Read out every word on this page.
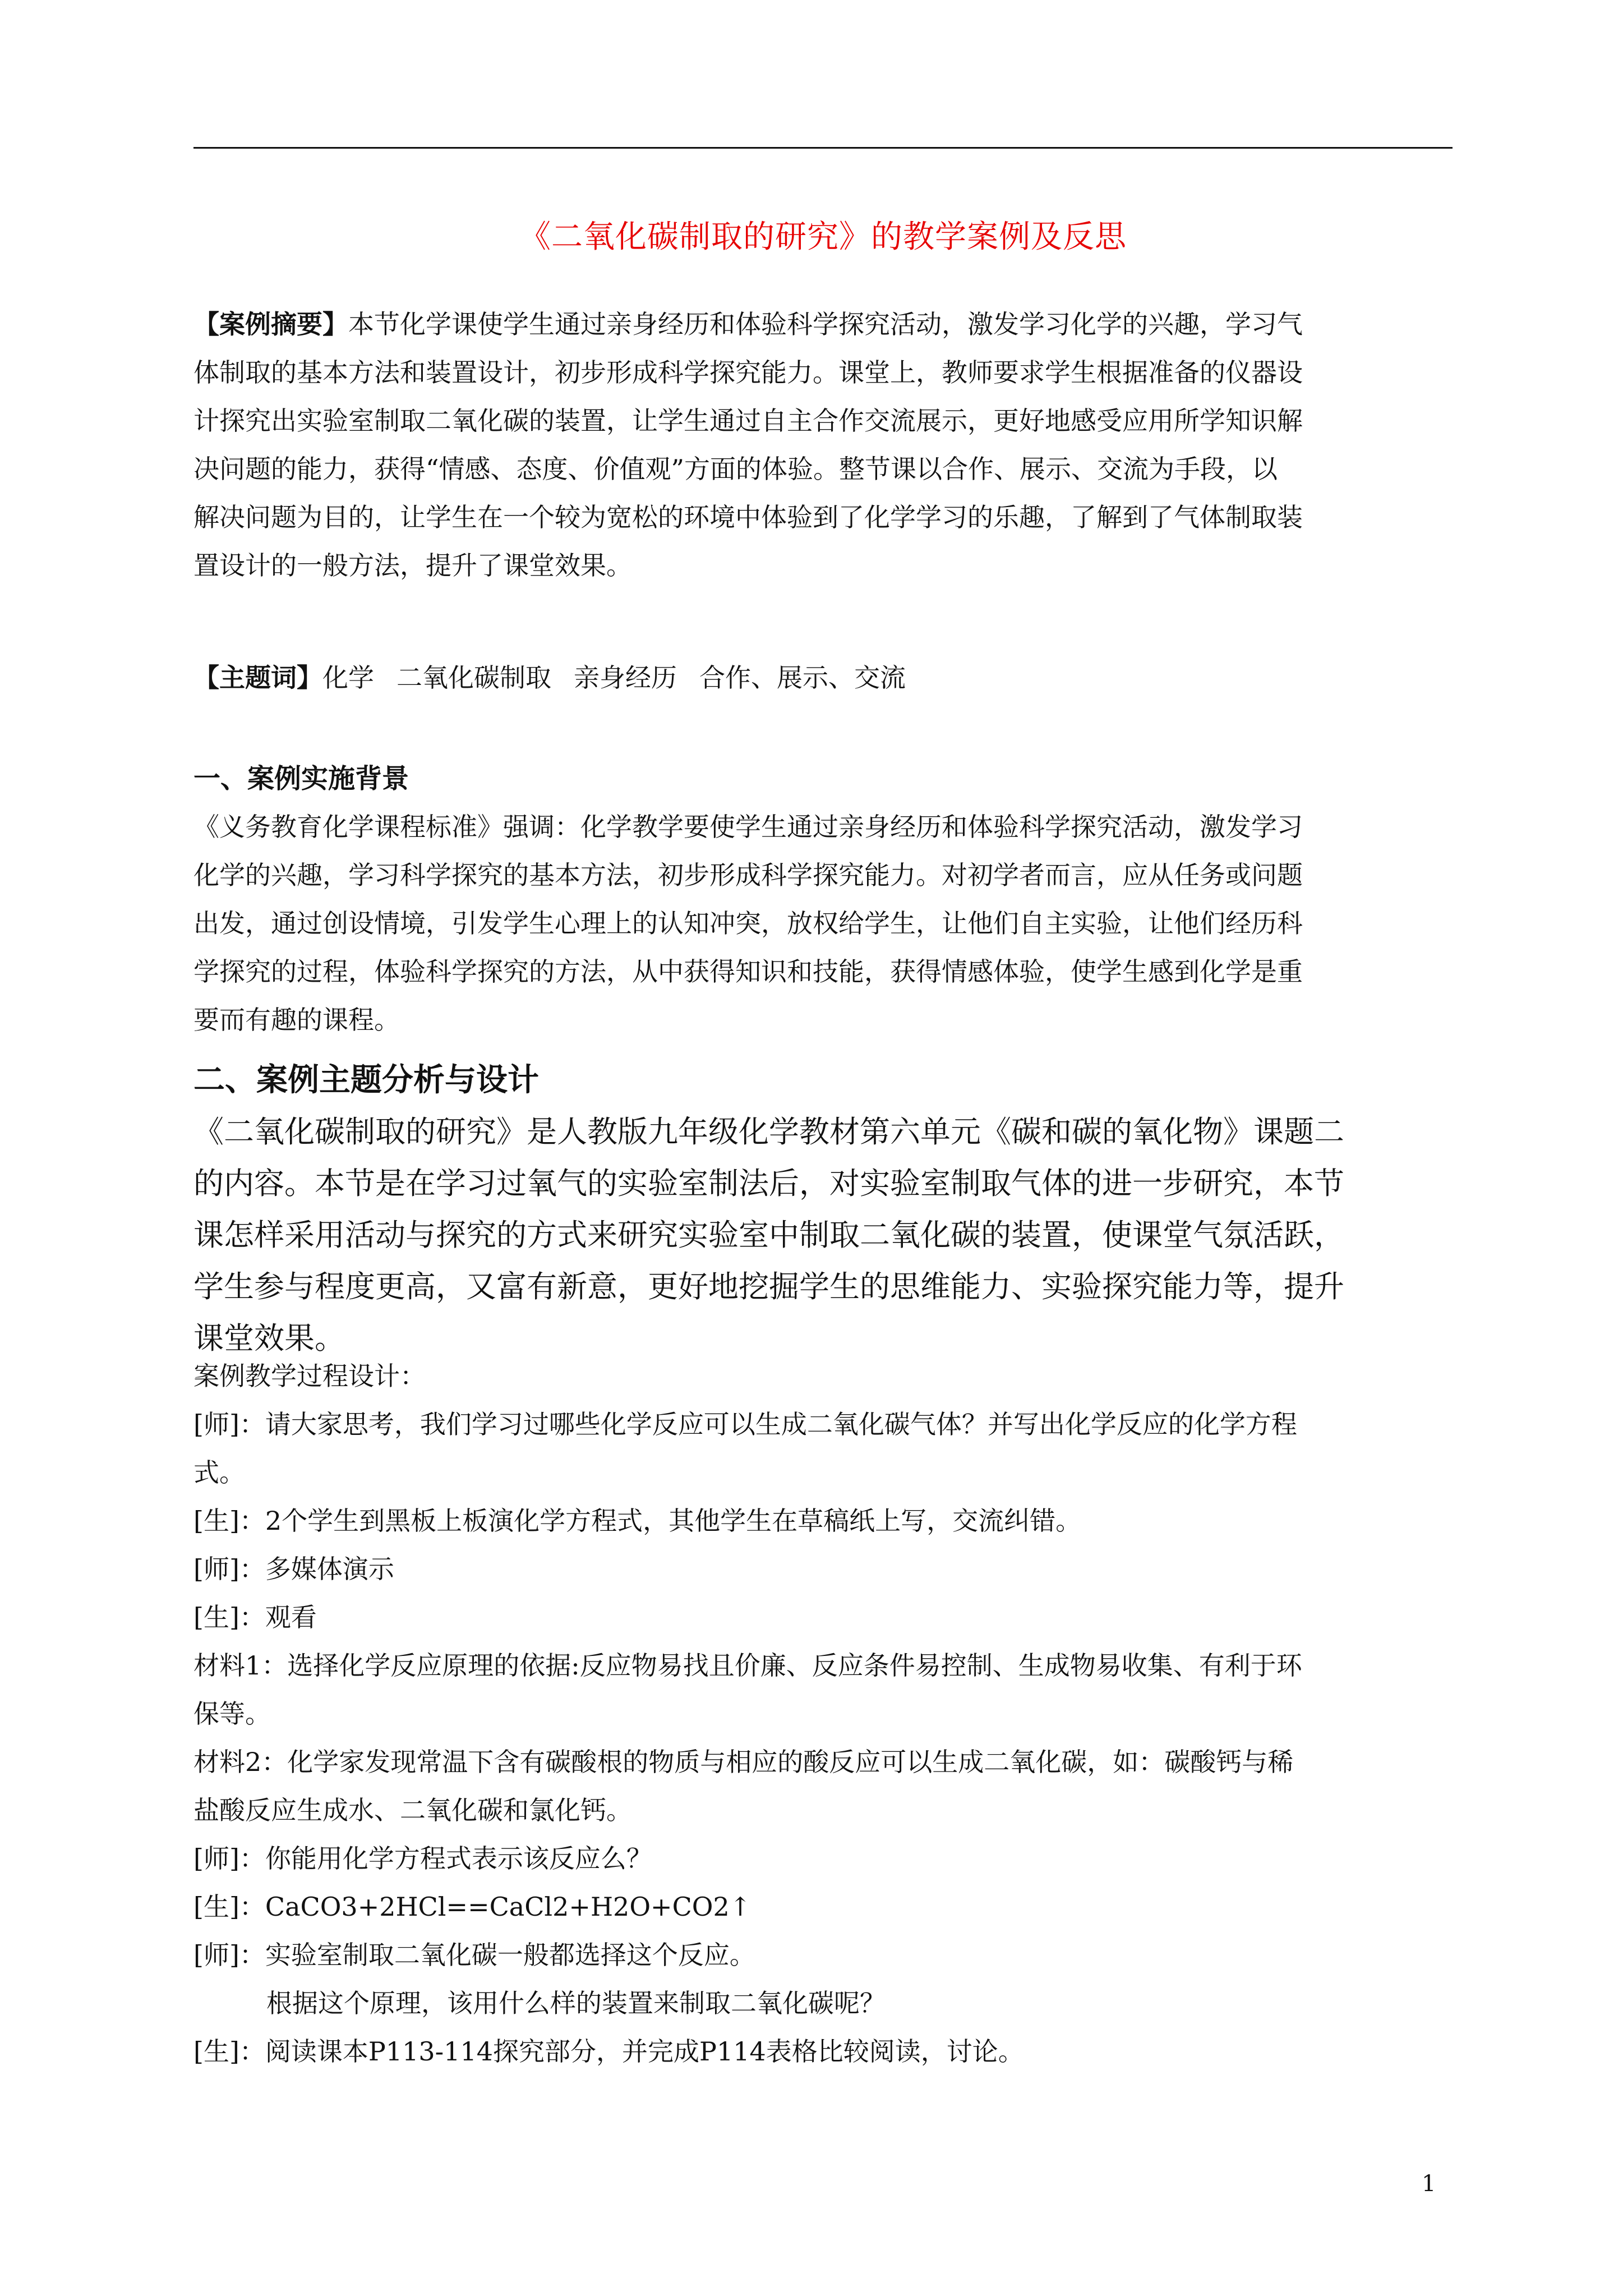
《二氧化碳制取的研究》的教学案例及反思
【案例摘要】本节化学课使学生通过亲身经历和体验科学探究活动，激发学习化学的兴趣，学习气
体制取的基本方法和装置设计，初步形成科学探究能力。课堂上，教师要求学生根据准备的仪器设
计探究出实验室制取二氧化碳的装置，让学生通过自主合作交流展示，更好地感受应用所学知识解
决问题的能力，获得“情感、态度、价值观”方面的体验。整节课以合作、展示、交流为手段，以
解决问题为目的，让学生在一个较为宽松的环境中体验到了化学学习的乐趣，了解到了气体制取装
置设计的一般方法，提升了课堂效果。
【主题词】化学 二氧化碳制取 亲身经历 合作、展示、交流
一、案例实施背景
《义务教育化学课程标准》强调：化学教学要使学生通过亲身经历和体验科学探究活动，激发学习
化学的兴趣，学习科学探究的基本方法，初步形成科学探究能力。对初学者而言，应从任务或问题
出发，通过创设情境，引发学生心理上的认知冲突，放权给学生，让他们自主实验，让他们经历科
学探究的过程，体验科学探究的方法，从中获得知识和技能，获得情感体验，使学生感到化学是重
要而有趣的课程。
二、案例主题分析与设计
《二氧化碳制取的研究》是人教版九年级化学教材第六单元《碳和碳的氧化物》课题二
的内容。本节是在学习过氧气的实验室制法后，对实验室制取气体的进一步研究，本节
课怎样采用活动与探究的方式来研究实验室中制取二氧化碳的装置，使课堂气氛活跃，
学生参与程度更高，又富有新意，更好地挖掘学生的思维能力、实验探究能力等，提升
课堂效果。
案例教学过程设计：
[师]：请大家思考，我们学习过哪些化学反应可以生成二氧化碳气体？并写出化学反应的化学方程
式。
[生]：2个学生到黑板上板演化学方程式，其他学生在草稿纸上写，交流纠错。
[师]：多媒体演示
[生]：观看
材料1：选择化学反应原理的依据:反应物易找且价廉、反应条件易控制、生成物易收集、有利于环
保等。
材料2：化学家发现常温下含有碳酸根的物质与相应的酸反应可以生成二氧化碳，如：碳酸钙与稀
盐酸反应生成水、二氧化碳和氯化钙。
[师]：你能用化学方程式表示该反应么？
[生]：CaCO3+2HCl==CaCl2+H2O+CO2↑
[师]：实验室制取二氧化碳一般都选择这个反应。
根据这个原理，该用什么样的装置来制取二氧化碳呢？
[生]：阅读课本P113-114探究部分，并完成P114表格比较阅读，讨论。
1
